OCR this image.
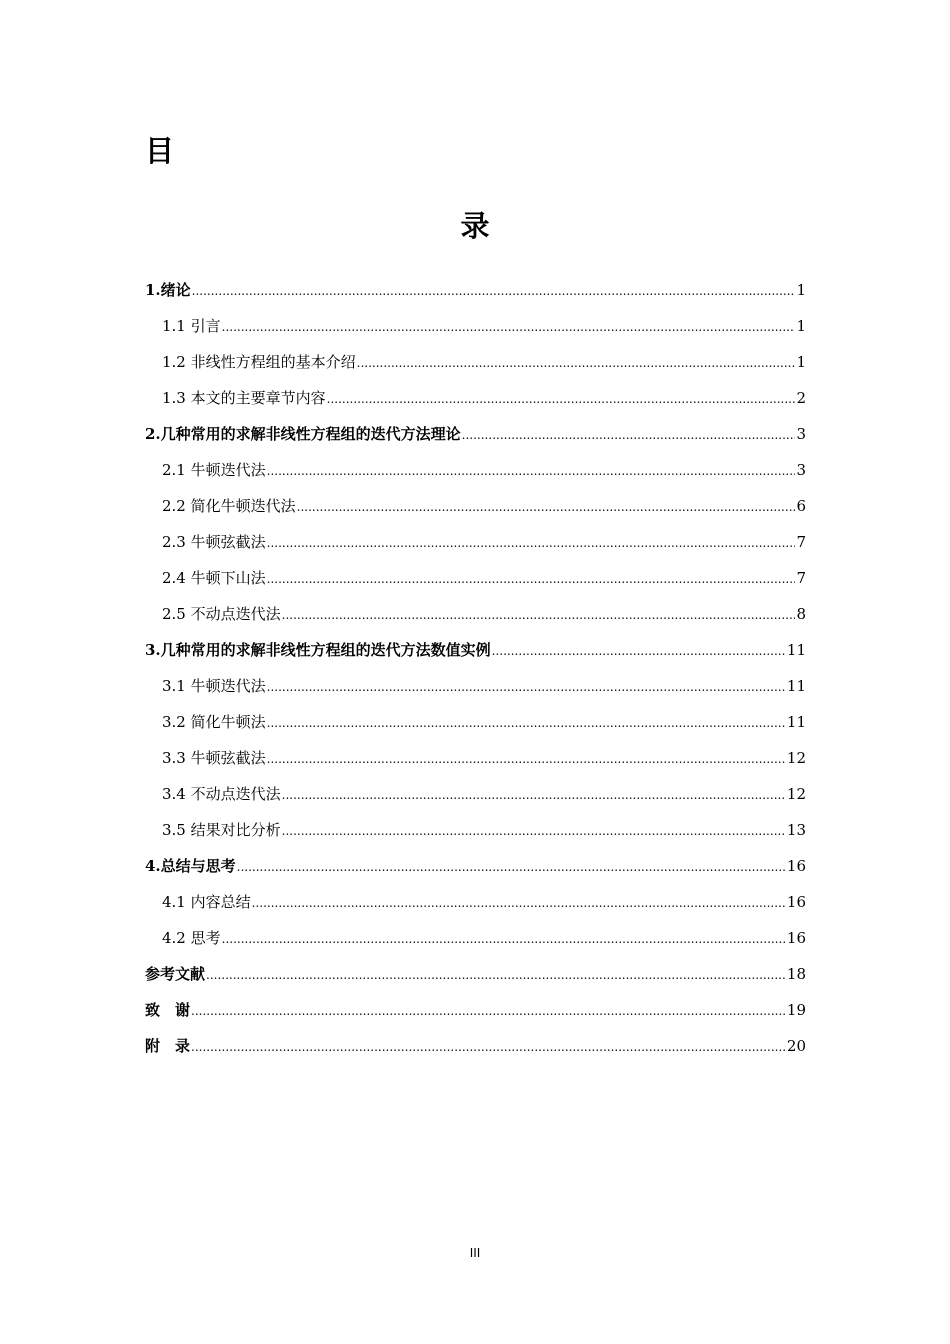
目
录
1.绪论 .....	1
1.1 引言 .....	1
1.2 非线性方程组的基本介绍 .....	1
1.3 本文的主要章节内容 .....	2
2.几种常用的求解非线性方程组的迭代方法理论 .....	3
2.1 牛顿迭代法 .....	3
2.2 简化牛顿迭代法 .....	6
2.3 牛顿弦截法 .....	7
2.4 牛顿下山法 .....	7
2.5 不动点迭代法 .....	8
3.几种常用的求解非线性方程组的迭代方法数值实例 .....	11
3.1 牛顿迭代法 .....	11
3.2 简化牛顿法 .....	11
3.3 牛顿弦截法 .....	12
3.4 不动点迭代法 .....	12
3.5 结果对比分析 .....	13
4.总结与思考 .....	16
4.1 内容总结 .....	16
4.2 思考 .....	16
参考文献 .....	18
致　谢 .....	19
附　录 .....	20
III
